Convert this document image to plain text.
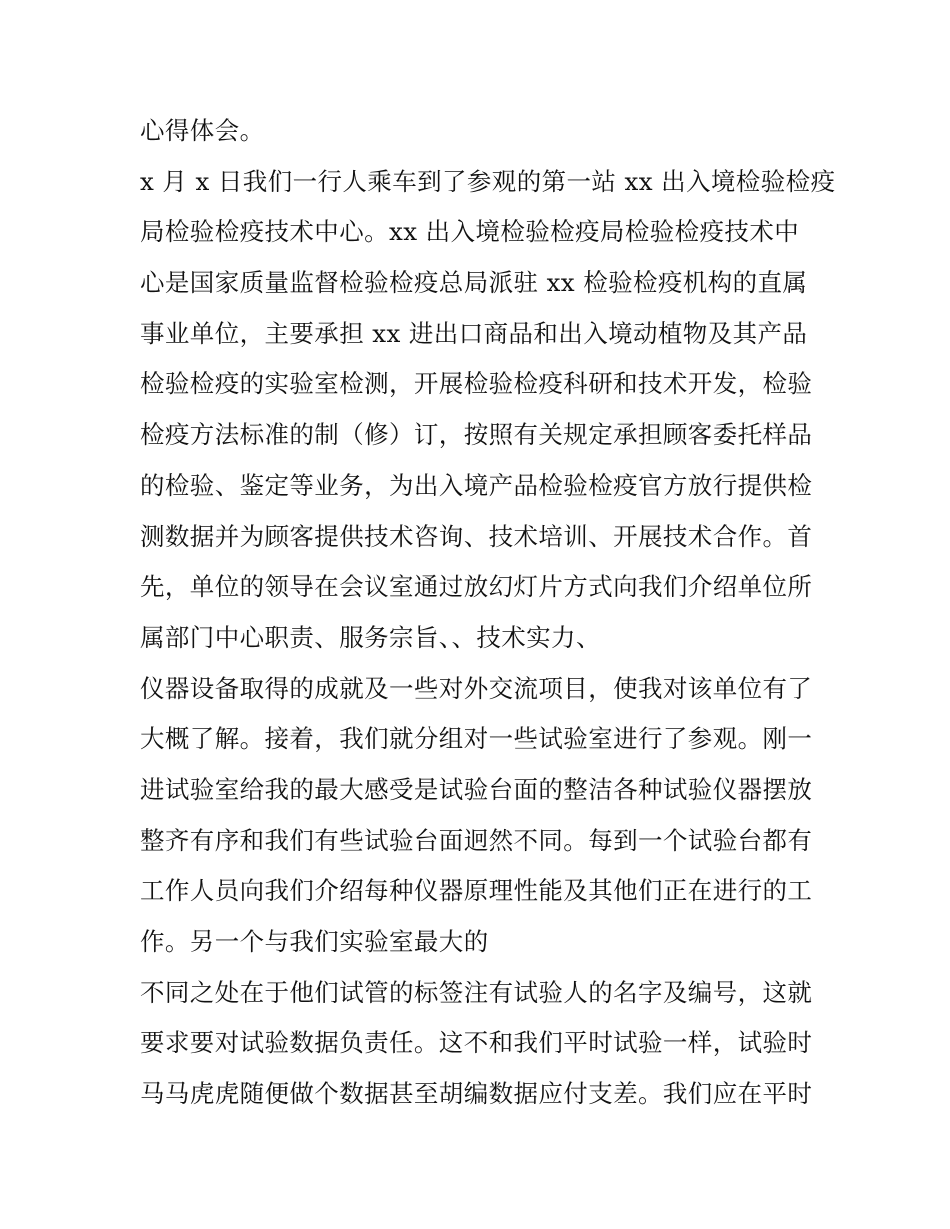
心得体会。
x 月 x 日我们一行人乘车到了参观的第一站 xx 出入境检验检疫
局检验检疫技术中心。xx 出入境检验检疫局检验检疫技术中
心是国家质量监督检验检疫总局派驻 xx 检验检疫机构的直属
事业单位，主要承担 xx 进出口商品和出入境动植物及其产品
检验检疫的实验室检测，开展检验检疫科研和技术开发，检验
检疫方法标准的制（修）订，按照有关规定承担顾客委托样品
的检验、鉴定等业务，为出入境产品检验检疫官方放行提供检
测数据并为顾客提供技术咨询、技术培训、开展技术合作。首
先，单位的领导在会议室通过放幻灯片方式向我们介绍单位所
属部门中心职责、服务宗旨、、技术实力、
仪器设备取得的成就及一些对外交流项目，使我对该单位有了
大概了解。接着，我们就分组对一些试验室进行了参观。刚一
进试验室给我的最大感受是试验台面的整洁各种试验仪器摆放
整齐有序和我们有些试验台面迥然不同。每到一个试验台都有
工作人员向我们介绍每种仪器原理性能及其他们正在进行的工
作。另一个与我们实验室最大的
不同之处在于他们试管的标签注有试验人的名字及编号，这就
要求要对试验数据负责任。这不和我们平时试验一样，试验时
马马虎虎随便做个数据甚至胡编数据应付支差。我们应在平时
